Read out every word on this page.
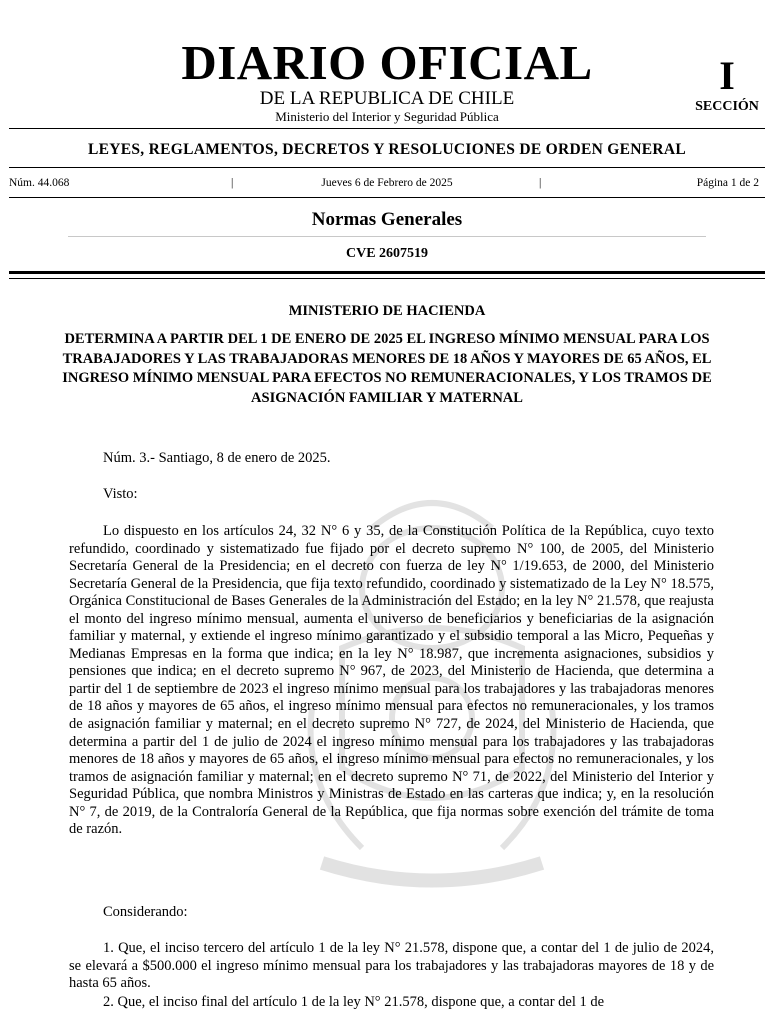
DIARIO OFICIAL
DE LA REPUBLICA DE CHILE
Ministerio del Interior y Seguridad Pública
I
SECCIÓN
LEYES, REGLAMENTOS, DECRETOS Y RESOLUCIONES DE ORDEN GENERAL
Núm. 44.068	|	Jueves 6 de Febrero de 2025	|	Página 1 de 2
Normas Generales
CVE 2607519
MINISTERIO DE HACIENDA
DETERMINA A PARTIR DEL 1 DE ENERO DE 2025 EL INGRESO MÍNIMO MENSUAL PARA LOS TRABAJADORES Y LAS TRABAJADORAS MENORES DE 18 AÑOS Y MAYORES DE 65 AÑOS, EL INGRESO MÍNIMO MENSUAL PARA EFECTOS NO REMUNERACIONALES, Y LOS TRAMOS DE ASIGNACIÓN FAMILIAR Y MATERNAL
Núm. 3.- Santiago, 8 de enero de 2025.
Visto:
Lo dispuesto en los artículos 24, 32 N° 6 y 35, de la Constitución Política de la República, cuyo texto refundido, coordinado y sistematizado fue fijado por el decreto supremo N° 100, de 2005, del Ministerio Secretaría General de la Presidencia; en el decreto con fuerza de ley N° 1/19.653, de 2000, del Ministerio Secretaría General de la Presidencia, que fija texto refundido, coordinado y sistematizado de la Ley N° 18.575, Orgánica Constitucional de Bases Generales de la Administración del Estado; en la ley N° 21.578, que reajusta el monto del ingreso mínimo mensual, aumenta el universo de beneficiarios y beneficiarias de la asignación familiar y maternal, y extiende el ingreso mínimo garantizado y el subsidio temporal a las Micro, Pequeñas y Medianas Empresas en la forma que indica; en la ley N° 18.987, que incrementa asignaciones, subsidios y pensiones que indica; en el decreto supremo N° 967, de 2023, del Ministerio de Hacienda, que determina a partir del 1 de septiembre de 2023 el ingreso mínimo mensual para los trabajadores y las trabajadoras menores de 18 años y mayores de 65 años, el ingreso mínimo mensual para efectos no remuneracionales, y los tramos de asignación familiar y maternal; en el decreto supremo N° 727, de 2024, del Ministerio de Hacienda, que determina a partir del 1 de julio de 2024 el ingreso mínimo mensual para los trabajadores y las trabajadoras menores de 18 años y mayores de 65 años, el ingreso mínimo mensual para efectos no remuneracionales, y los tramos de asignación familiar y maternal; en el decreto supremo N° 71, de 2022, del Ministerio del Interior y Seguridad Pública, que nombra Ministros y Ministras de Estado en las carteras que indica; y, en la resolución N° 7, de 2019, de la Contraloría General de la República, que fija normas sobre exención del trámite de toma de razón.
Considerando:
1. Que, el inciso tercero del artículo 1 de la ley N° 21.578, dispone que, a contar del 1 de julio de 2024, se elevará a $500.000 el ingreso mínimo mensual para los trabajadores y las trabajadoras mayores de 18 y de hasta 65 años.
2. Que, el inciso final del artículo 1 de la ley N° 21.578, dispone que, a contar del 1 de
